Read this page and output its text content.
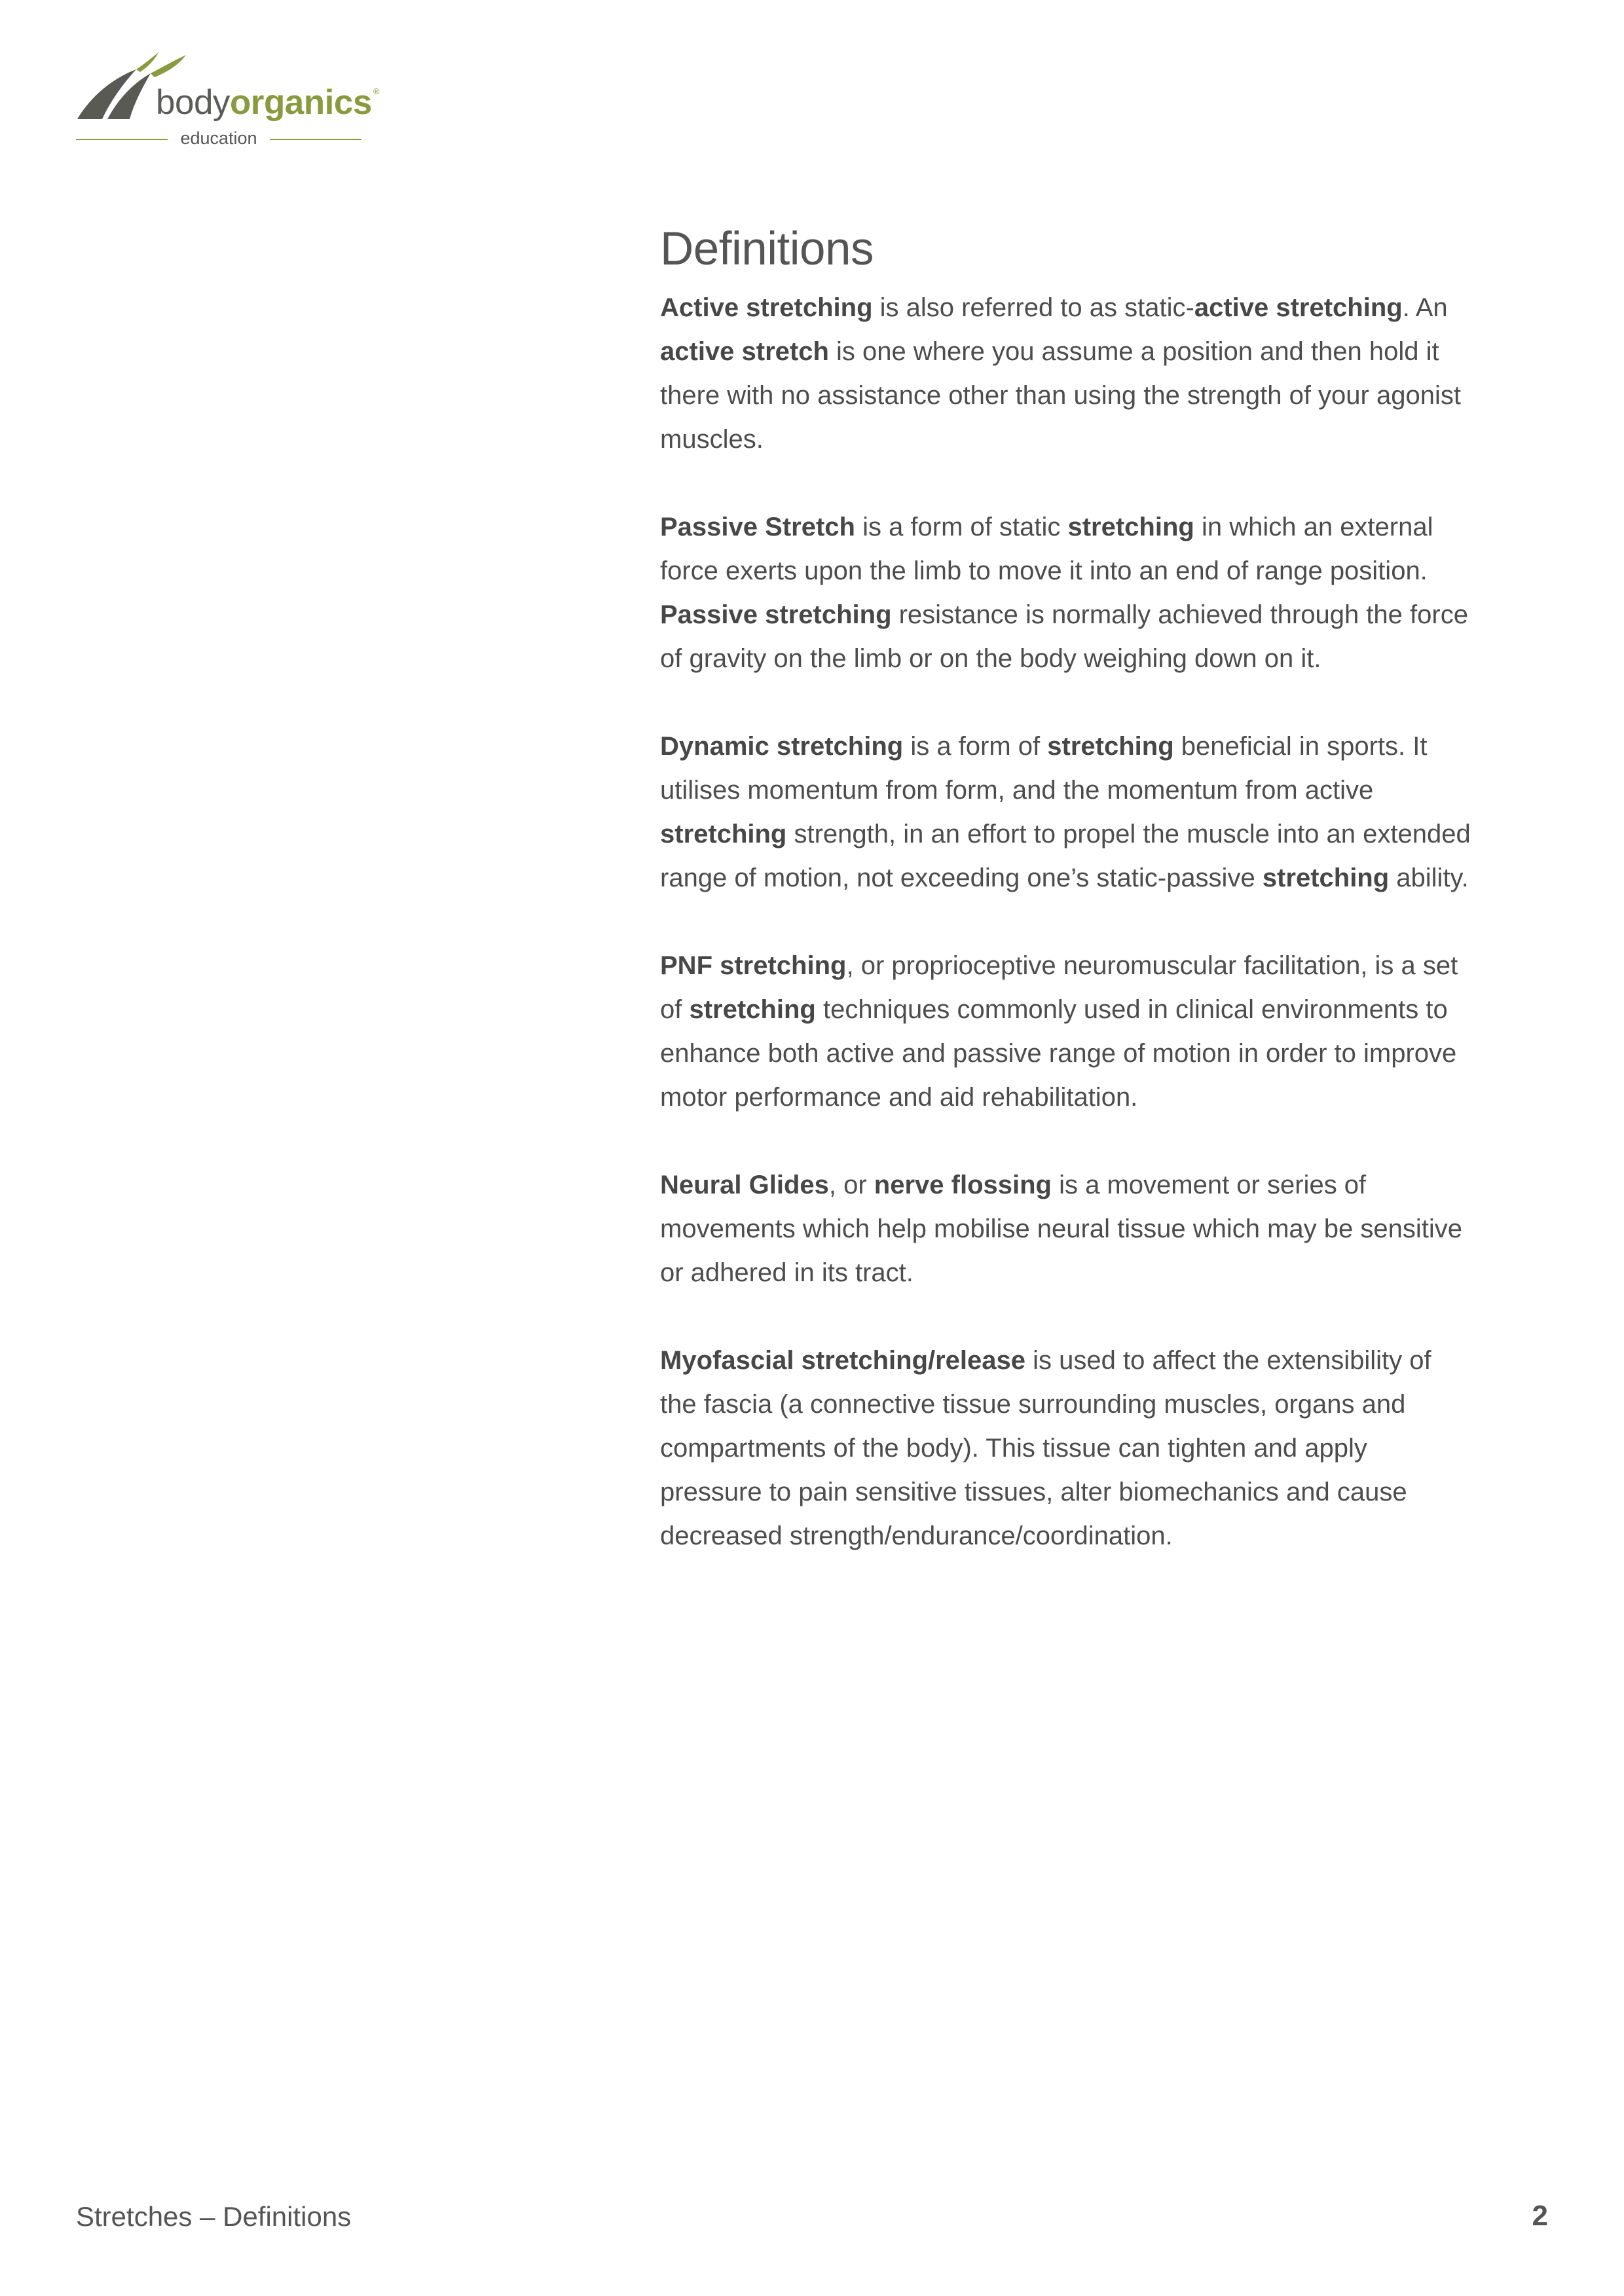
bodyorganics ®
education
Definitions

Active stretching is also referred to as static-active stretching. An active stretch is one where you assume a position and then hold it there with no assistance other than using the strength of your agonist muscles.

Passive Stretch is a form of static stretching in which an external force exerts upon the limb to move it into an end of range position. Passive stretching resistance is normally achieved through the force of gravity on the limb or on the body weighing down on it.

Dynamic stretching is a form of stretching beneficial in sports. It utilises momentum from form, and the momentum from active stretching strength, in an effort to propel the muscle into an extended range of motion, not exceeding one’s static-passive stretching ability.

PNF stretching, or proprioceptive neuromuscular facilitation, is a set of stretching techniques commonly used in clinical environments to enhance both active and passive range of motion in order to improve motor performance and aid rehabilitation.

Neural Glides, or nerve flossing is a movement or series of movements which help mobilise neural tissue which may be sensitive or adhered in its tract.

Myofascial stretching/release is used to affect the extensibility of the fascia (a connective tissue surrounding muscles, organs and compartments of the body). This tissue can tighten and apply pressure to pain sensitive tissues, alter biomechanics and cause decreased strength/endurance/coordination.

Stretches – Definitions	2
